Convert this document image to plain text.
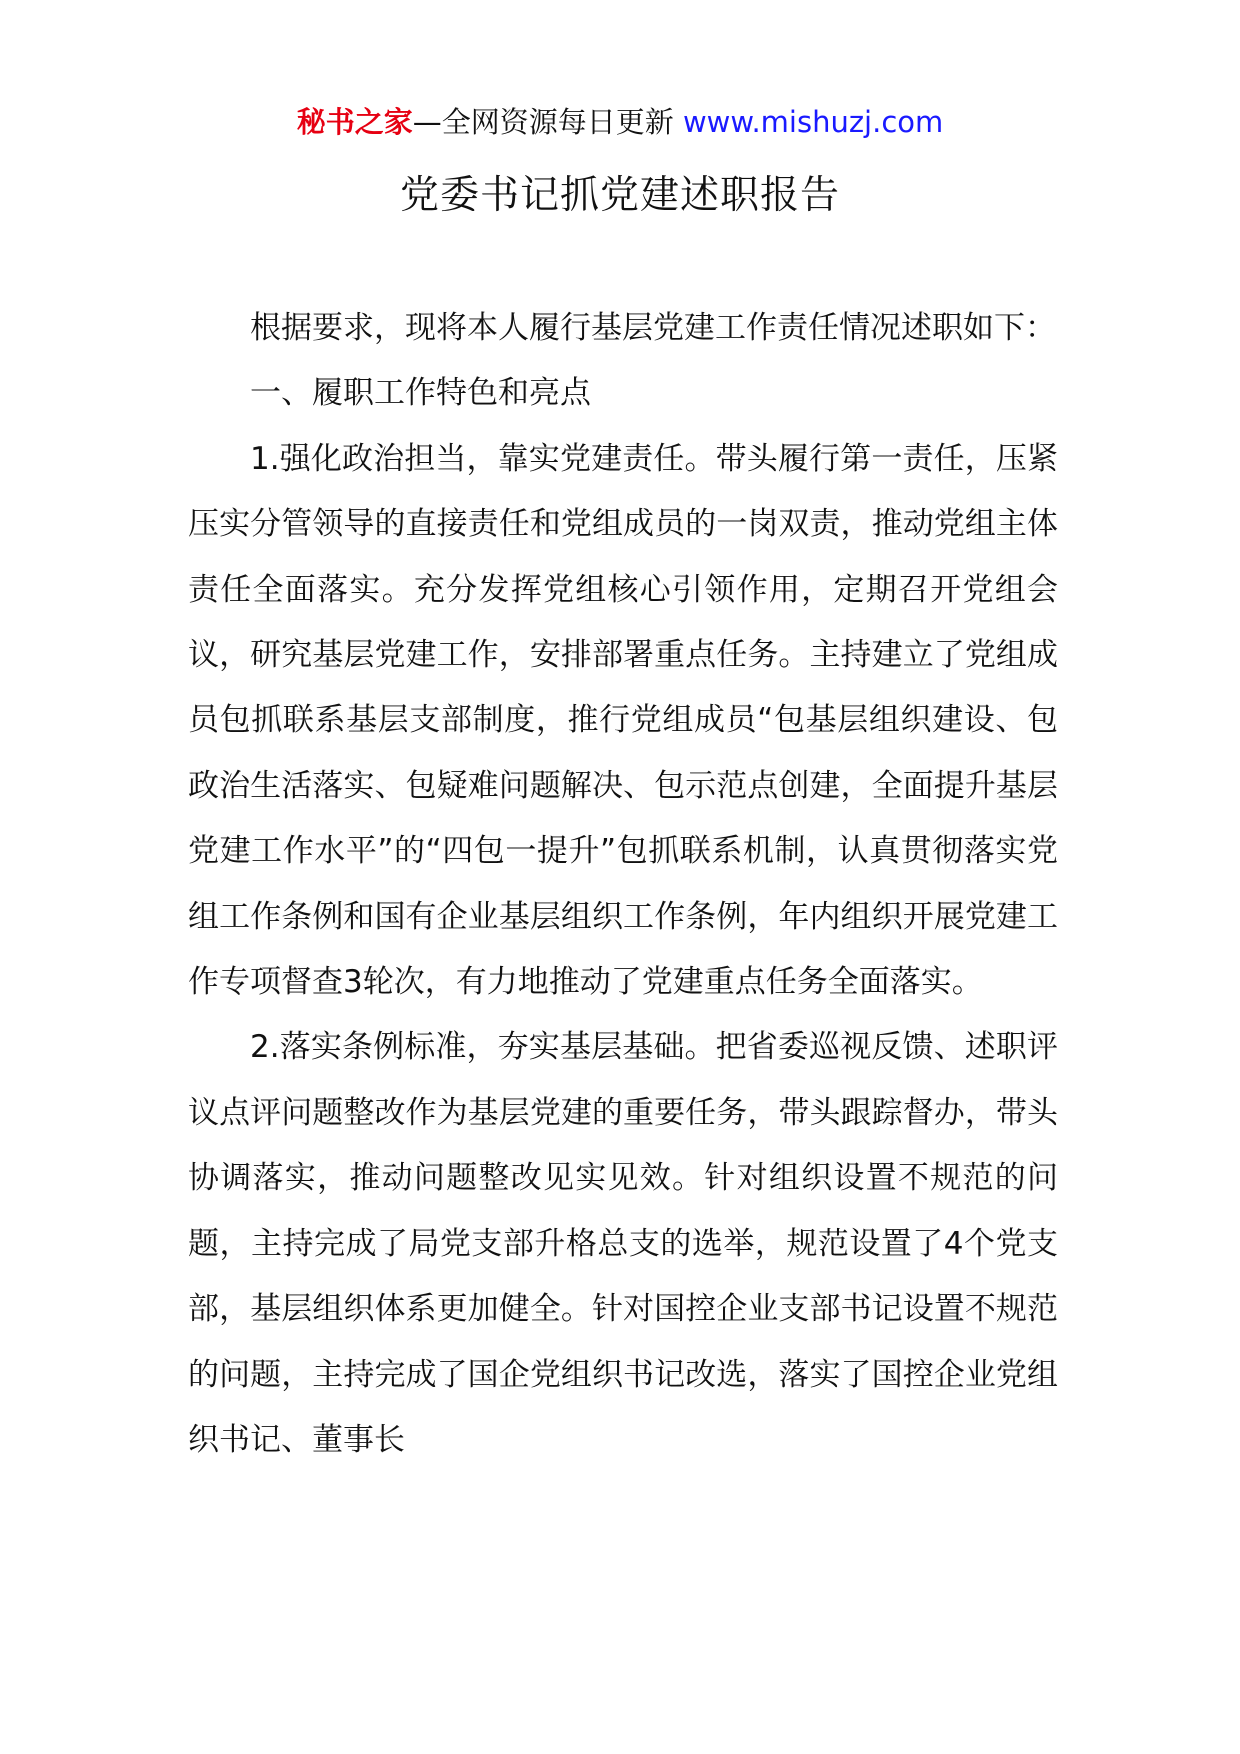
秘书之家—全网资源每日更新 www.mishuzj.com
党委书记抓党建述职报告

根据要求，现将本人履行基层党建工作责任情况述职如下：

一、履职工作特色和亮点

1.强化政治担当，靠实党建责任。带头履行第一责任，压紧压实分管领导的直接责任和党组成员的一岗双责，推动党组主体责任全面落实。充分发挥党组核心引领作用，定期召开党组会议，研究基层党建工作，安排部署重点任务。主持建立了党组成员包抓联系基层支部制度，推行党组成员“包基层组织建设、包政治生活落实、包疑难问题解决、包示范点创建，全面提升基层党建工作水平”的“四包一提升”包抓联系机制，认真贯彻落实党组工作条例和国有企业基层组织工作条例，年内组织开展党建工作专项督查3轮次，有力地推动了党建重点任务全面落实。

2.落实条例标准，夯实基层基础。把省委巡视反馈、述职评议点评问题整改作为基层党建的重要任务，带头跟踪督办，带头协调落实，推动问题整改见实见效。针对组织设置不规范的问题，主持完成了局党支部升格总支的选举，规范设置了4个党支部，基层组织体系更加健全。针对国控企业支部书记设置不规范的问题，主持完成了国企党组织书记改选，落实了国控企业党组织书记、董事长
